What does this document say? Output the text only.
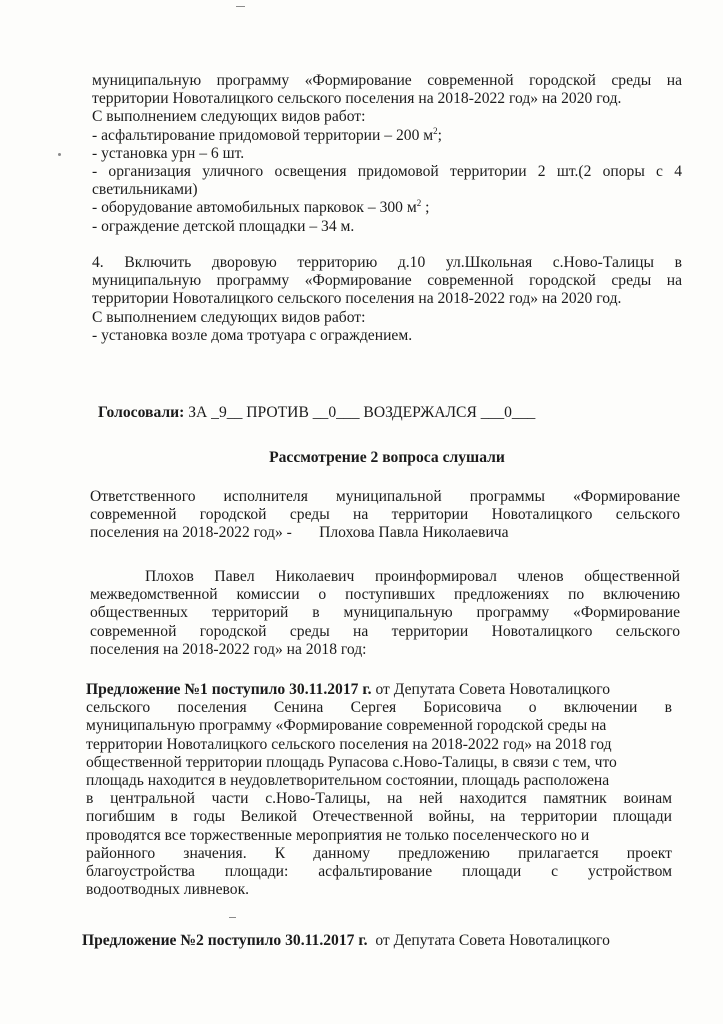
муниципальную программу «Формирование современной городской среды на
территории Новоталицкого сельского поселения на 2018-2022 год» на 2020 год.
С выполнением следующих видов работ:
- асфальтирование придомовой территории – 200 $м^2$;
- установка урн – 6 шт.
- организация уличного освещения придомовой территории 2 шт.(2 опоры с 4
светильниками)
- оборудование автомобильных парковок – 300 $м^2$ ;
- ограждение детской площадки – 34 м.
4. Включить дворовую территорию д.10 ул.Школьная с.Ново-Талицы в
муниципальную программу «Формирование современной городской среды на
территории Новоталицкого сельского поселения на 2018-2022 год» на 2020 год.
С выполнением следующих видов работ:
- установка возле дома тротуара с ограждением.
Голосовали: ЗА _9__ ПРОТИВ __0___ ВОЗДЕРЖАЛСЯ ___0___
Рассмотрение 2 вопроса слушали
Ответственного исполнителя муниципальной программы «Формирование
современной городской среды на территории Новоталицкого сельского
поселения на 2018-2022 год» -       Плохова Павла Николаевича
Плохов Павел Николаевич проинформировал членов общественной
межведомственной комиссии о поступивших предложениях по включению
общественных территорий в муниципальную программу «Формирование
современной городской среды на территории Новоталицкого сельского
поселения на 2018-2022 год» на 2018 год:
Предложение №1 поступило 30.11.2017 г. от Депутата Совета Новоталицкого
сельского поселения Сенина Сергея Борисовича о включении в
муниципальную программу «Формирование современной городской среды на
территории Новоталицкого сельского поселения на 2018-2022 год» на 2018 год
общественной территории площадь Рупасова с.Ново-Талицы, в связи с тем, что
площадь находится в неудовлетворительном состоянии, площадь расположена
в центральной части с.Ново-Талицы, на ней находится памятник воинам
погибшим в годы Великой Отечественной войны, на территории площади
проводятся все торжественные мероприятия не только поселенческого но и
районного значения. К данному предложению прилагается проект
благоустройства площади: асфальтирование площади с устройством
водоотводных ливневок.
Предложение №2 поступило 30.11.2017 г.  от Депутата Совета Новоталицкого
